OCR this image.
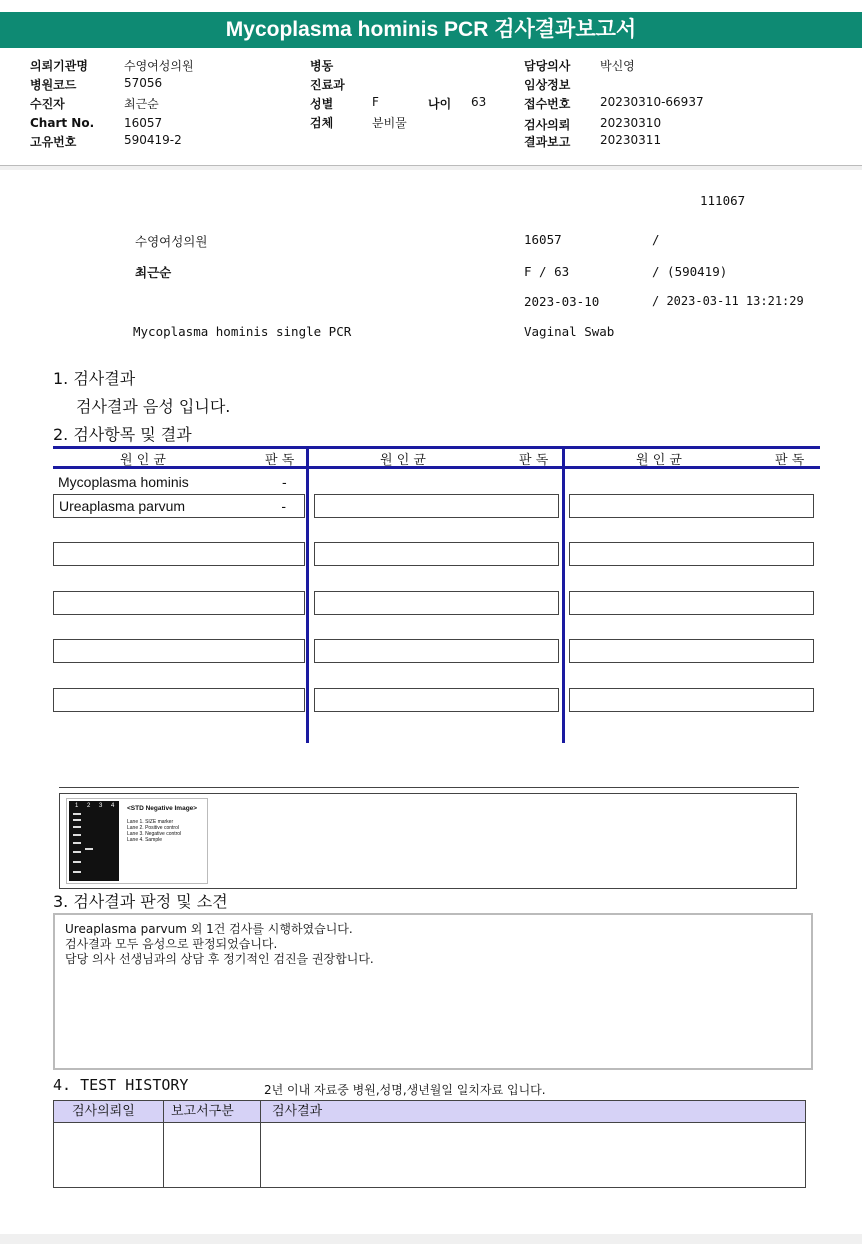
Mycoplasma hominis PCR 검사결과보고서
의뢰기관명	수영여성의원
병원코드	57056
수진자	최근순
Chart No. 16057
고유번호	590419-2
병동
진료과
성별	F	나이 63
검체	분비물
담당의사 박신영
임상정보
접수번호 20230310-66937
검사의뢰 20230310
결과보고 20230311
111067
수영여성의원	16057	/
최근순	F / 63	/ (590419)
2023-03-10	/ 2023-03-11 13:21:29
Mycoplasma hominis single PCR	Vaginal Swab
1. 검사결과
검사결과 음성 입니다.
2. 검사항목 및 결과
원 인 균	판 독	원 인 균	판 독	원 인 균	판 독
Mycoplasma hominis	-
Ureaplasma parvum	-
1 2 3 4 <STD Negative Image>
Lane 1. SIZE marker
Lane 2. Positive control
Lane 3. Negative control
Lane 4. Sample
3. 검사결과 판정 및 소견
Ureaplasma parvum 외 1건 검사를 시행하였습니다.
검사결과 모두 음성으로 판정되었습니다.
담당 의사 선생님과의 상담 후 정기적인 검진을 권장합니다.
4. TEST HISTORY	2년 이내 자료중 병원,성명,생년월일 일치자료 입니다.
검사의뢰일	보고서구분	검사결과
